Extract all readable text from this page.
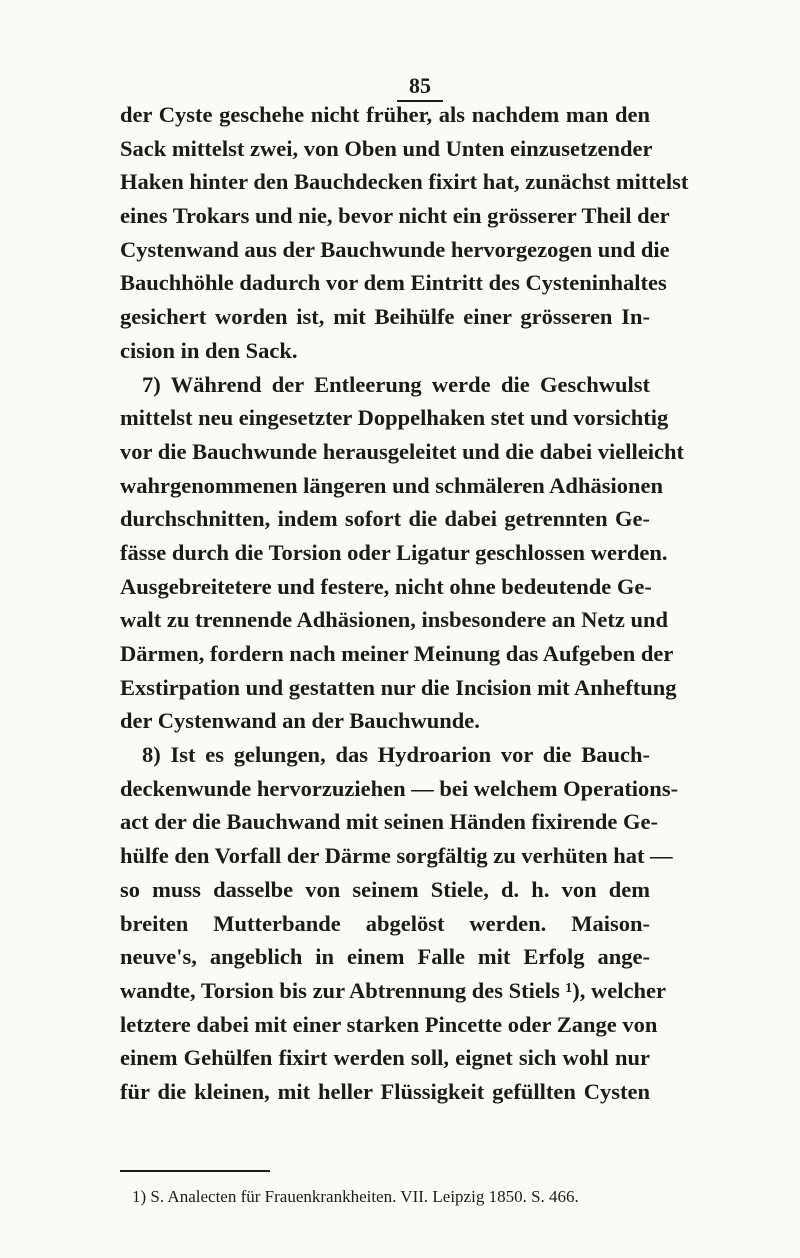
85
der Cyste geschehe nicht früher, als nachdem man den
Sack mittelst zwei, von Oben und Unten einzusetzender
Haken hinter den Bauchdecken fixirt hat, zunächst mittelst
eines Trokars und nie, bevor nicht ein grösserer Theil der
Cystenwand aus der Bauchwunde hervorgezogen und die
Bauchhöhle dadurch vor dem Eintritt des Cysteninhaltes
gesichert worden ist, mit Beihülfe einer grösseren In-
cision in den Sack.
7) Während der Entleerung werde die Geschwulst
mittelst neu eingesetzter Doppelhaken stet und vorsichtig
vor die Bauchwunde herausgeleitet und die dabei vielleicht
wahrgenommenen längeren und schmäleren Adhäsionen
durchschnitten, indem sofort die dabei getrennten Ge-
fässe durch die Torsion oder Ligatur geschlossen werden.
Ausgebreitetere und festere, nicht ohne bedeutende Ge-
walt zu trennende Adhäsionen, insbesondere an Netz und
Därmen, fordern nach meiner Meinung das Aufgeben der
Exstirpation und gestatten nur die Incision mit Anheftung
der Cystenwand an der Bauchwunde.
8) Ist es gelungen, das Hydroarion vor die Bauch-
deckenwunde hervorzuziehen — bei welchem Operations-
act der die Bauchwand mit seinen Händen fixirende Ge-
hülfe den Vorfall der Därme sorgfältig zu verhüten hat —
so muss dasselbe von seinem Stiele, d. h. von dem
breiten Mutterbande abgelöst werden. Maison-
neuve's, angeblich in einem Falle mit Erfolg ange-
wandte, Torsion bis zur Abtrennung des Stiels ¹), welcher
letztere dabei mit einer starken Pincette oder Zange von
einem Gehülfen fixirt werden soll, eignet sich wohl nur
für die kleinen, mit heller Flüssigkeit gefüllten Cysten
1) S. Analecten für Frauenkrankheiten. VII. Leipzig 1850. S. 466.
